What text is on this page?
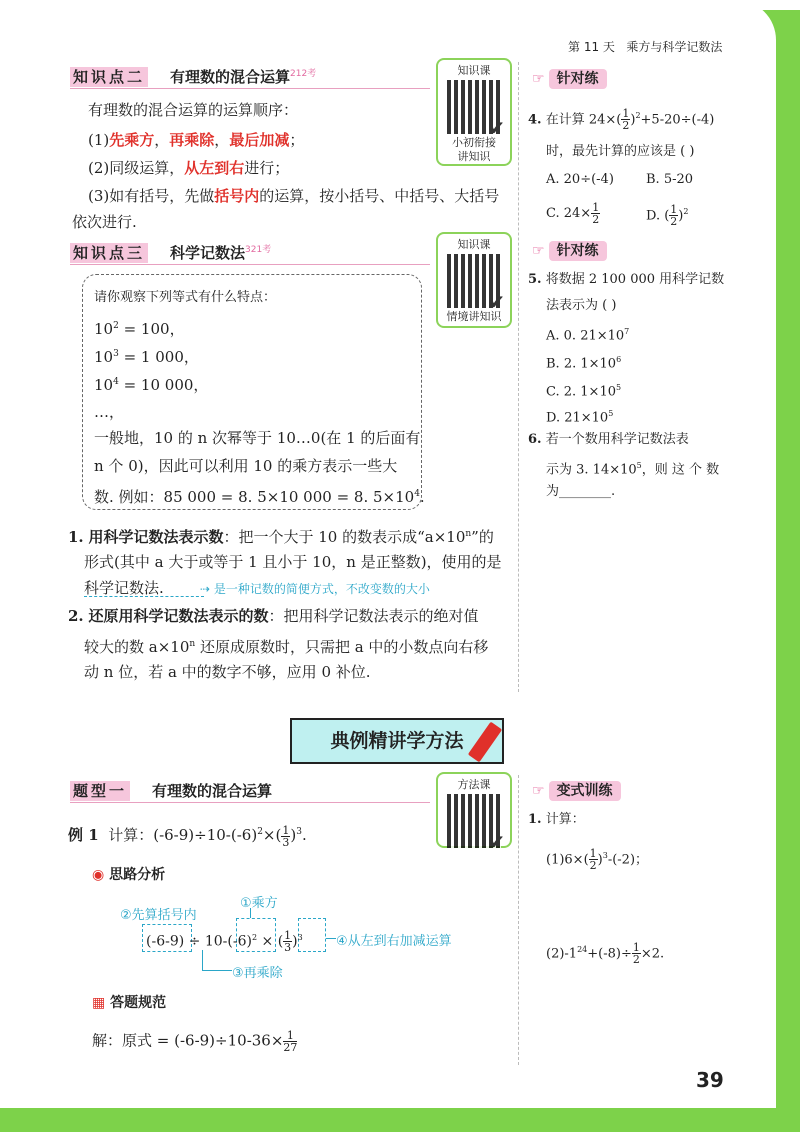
第 11 天 乘方与科学记数法
知识点二 有理数的混合运算$^{212考}$
有理数的混合运算的运算顺序：
(1)先乘方，再乘除，最后加减；
(2)同级运算，从左到右进行；
(3)如有括号，先做括号内的运算，按小括号、中括号、大括号
依次进行.
知识课
✔
小初衔接
讲知识
知识点三 科学记数法$^{321考}$	知识课
✔
情境讲知识
请你观察下列等式有什么特点：
$10^2 = 100$，
$10^3 = 1$ 000，
$10^4 = 10$ 000，
…，
一般地，10 的 n 次幂等于 10…0(在 1 的后面有
n 个 0)，因此可以利用 10 的乘方表示一些大
数. 例如：85 000 = 8. 5×10 000 = 8. $5\times 10^4$.
1. 用科学记数法表示数：把一个大于 10 的数表示成“$a\times 10^n$”的
形式(其中 a 大于或等于 1 且小于 10，n 是正整数)，使用的是
科学记数法.	⇢ 是一种记数的简便方式，不改变数的大小
2. 还原用科学记数法表示的数：把用科学记数法表示的绝对值
较大的数 $a\times 10^n$ 还原成原数时，只需把 a 中的小数点向右移
动 n 位，若 a 中的数字不够，应用 0 补位.
典例精讲学方法
题型一 有理数的混合运算	方法课
✔
例 1 计算：$(-6-9)\div 10-(-6)^2\times( \frac{1}{3} )^3$.
◉ 思路分析
①乘方
②先算括号内
③再乘除
④从左到右加减运算
$(-6-9) \div 10-(-6)^2$ × ( $\frac{1}{3} )^3$
▦ 答题规范
解：原式 = $(-6-9)\div 10-36\times \frac{1}{27}$
☞ 针对练
4. 在计算 $24\times( \frac{1}{2} )^2+5-20\div(-4)$
时，最先计算的应该是 ( )
A. 20÷(-4) B. 5-20
C. $24\times \frac{1}{2}$	D. ( $\frac{1}{2} )^2$
☞ 针对练
5. 将数据 2 100 000 用科学记数
法表示为 ( )
A. 0. $21\times 10^7$
B. 2. $1\times 10^6$
C. 2. $1\times 10^5$
D. $21\times 10^5$
6. 若一个数用科学记数法表
示为 3. $14\times 10^5$，则 这 个 数
为________.
☞ 变式训练
1. 计算：
$(1)6\times( \frac{1}{2} )^3-(-2)$；
$(2)-1^{24}+(-8)\div \frac{1}{2} \times 2$.
39
